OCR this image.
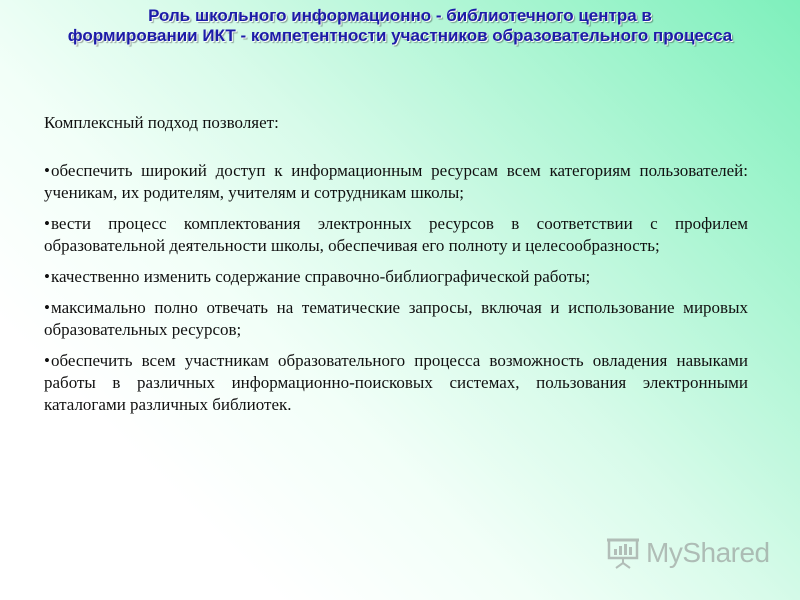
Роль школьного информационно - библиотечного центра в
формировании ИКТ - компетентности участников образовательного процесса

Комплексный подход позволяет:

•обеспечить широкий доступ к информационным ресурсам всем категориям пользователей: ученикам, их родителям, учителям и сотрудникам школы;
•вести процесс комплектования электронных ресурсов в соответствии с профилем образовательной деятельности школы, обеспечивая его полноту и целесообразность;
•качественно изменить содержание справочно-библиографической работы;
•максимально полно отвечать на тематические запросы, включая и использование мировых образовательных ресурсов;
•обеспечить всем участникам образовательного процесса возможность овладения навыками работы в различных информационно-поисковых системах, пользования электронными каталогами различных библиотек.
MyShared
